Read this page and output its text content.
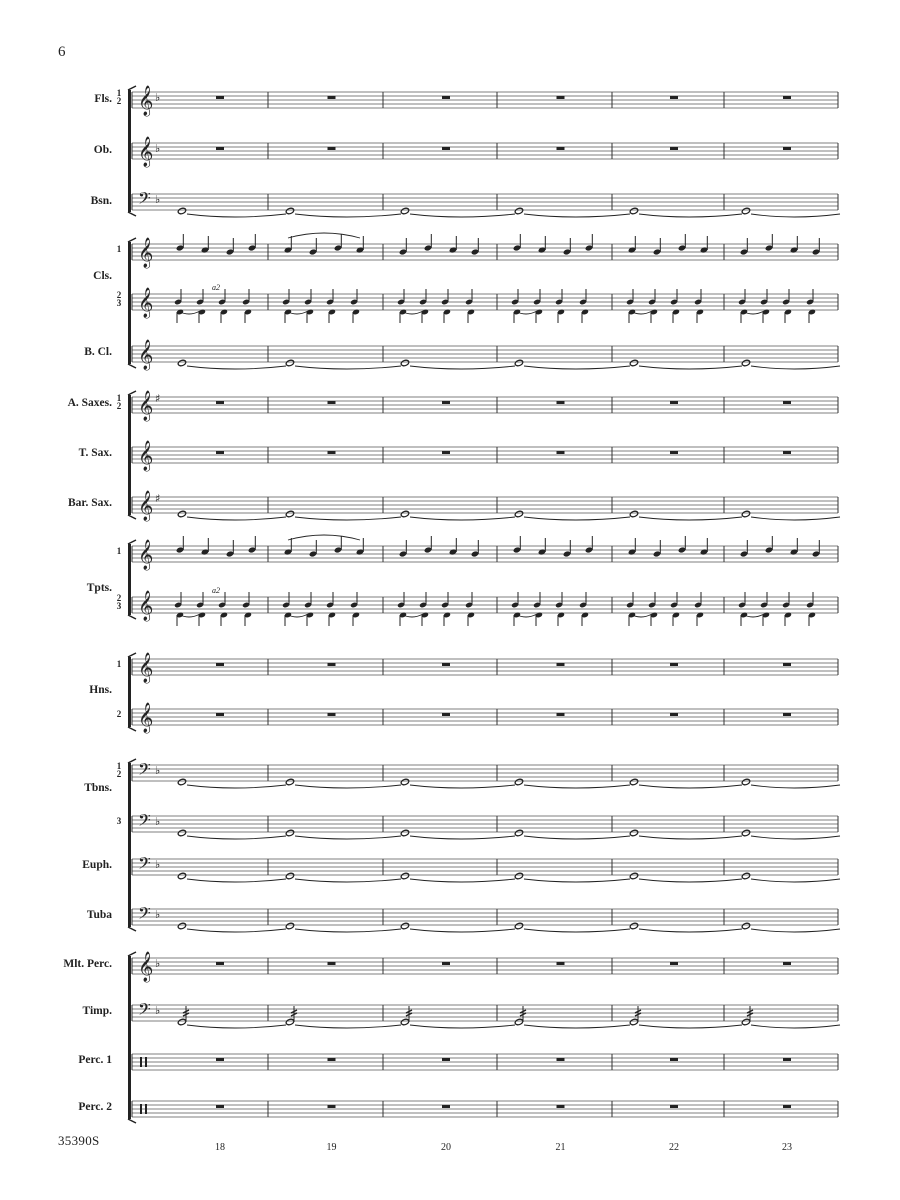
6
35390S
Fls.
Ob.
Bsn.
Cls.
B. Cl.
A. Saxes.
T. Sax.
Bar. Sax.
Tpts.
Hns.
Tbns.
Euph.
Tuba
Mlt. Perc.
Timp.
Perc. 1
Perc. 2
𝄞 ♭
1
2
𝄞 ♭
𝄢 ♭
𝄞
1
𝄞
a2
2
3
𝄞
𝄞 ♯
1
2
𝄞
𝄞 ♯
𝄞
1
𝄞
a2
2
3
𝄞
1
𝄞
2
𝄢 ♭
1
2
𝄢 ♭
3
𝄢 ♭
𝄢 ♭
𝄞 ♭
𝄢 ♭
18	19	20	21	22	23
